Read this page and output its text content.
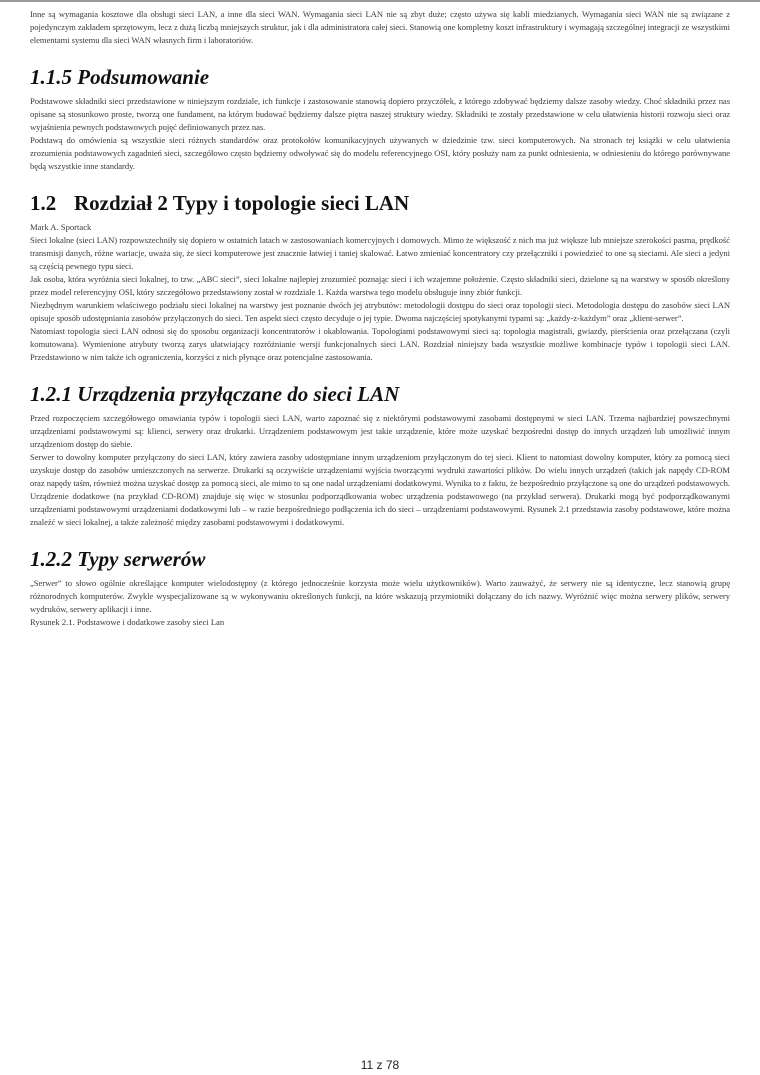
Inne są wymagania kosztowe dla obsługi sieci LAN, a inne dla sieci WAN. Wymagania sieci LAN nie są zbyt duże; często używa się kabli miedzianych. Wymagania sieci WAN nie są związane z pojedynczym zakładem sprzętowym, lecz z dużą liczbą mniejszych struktur, jak i dla administratora całej sieci. Stanowią one kompletny koszt infrastruktury i wymagają szczególnej integracji ze wszystkimi elementami systemu dla sieci WAN własnych firm i laboratoriów.

1.1.5 Podsumowanie

Podstawowe składniki sieci przedstawione w niniejszym rozdziale, ich funkcje i zastosowanie stanowią dopiero przyczółek, z którego zdobywać będziemy dalsze zasoby wiedzy. Choć składniki przez nas opisane są stosunkowo proste, tworzą one fundament, na którym budować będziemy dalsze piętra naszej struktury wiedzy. Składniki te zostały przedstawione w celu ułatwienia historii rozwoju sieci oraz wyjaśnienia pewnych podstawowych pojęć definiowanych przez nas.

Podstawą do omówienia są wszystkie sieci różnych standardów oraz protokołów komunikacyjnych używanych w dziedzinie tzw. sieci komputerowych. Na stronach tej książki w celu ułatwienia zrozumienia podstawowych zagadnień sieci, szczegółowo często będziemy odwoływać się do modelu referencyjnego OSI, który posłuży nam za punkt odniesienia, w odniesieniu do którego porównywane będą wszystkie inne standardy.

1.2 Rozdział 2 Typy i topologie sieci LAN

Mark A. Sportack

Sieci lokalne (sieci LAN) rozpowszechniły się dopiero w ostatnich latach w zastosowaniach komercyjnych i domowych. Mimo że większość z nich ma już większe lub mniejsze szerokości pasma, prędkość transmisji danych, różne wariacje, uważa się, że sieci komputerowe jest znacznie łatwiej i taniej skalować. Łatwo zmieniać koncentratory czy przełączniki i powiedzieć to one są sieciami. Ale sieci a jedyni są częścią pewnego typu sieci.

Jak osoba, która wyróżnia sieci lokalnej, to tzw. „ABC sieci”, sieci lokalne najlepiej zrozumieć poznając sieci i ich wzajemne położenie. Często składniki sieci, dzielone są na warstwy w sposób określony przez model referencyjny OSI, który szczegółowo przedstawiony został w rozdziale 1. Każda warstwa tego modelu obsługuje inny zbiór funkcji.

Niezbędnym warunkiem właściwego podziału sieci lokalnej na warstwy jest poznanie dwóch jej atrybutów: metodologii dostępu do sieci oraz topologii sieci. Metodologia dostępu do zasobów sieci LAN opisuje sposób udostępniania zasobów przyłączonych do sieci. Ten aspekt sieci często decyduje o jej typie. Dwoma najczęściej spotykanymi typami są: „każdy-z-każdym” oraz „klient-serwer”.

Natomiast topologia sieci LAN odnosi się do sposobu organizacji koncentratorów i okablowania. Topologiami podstawowymi sieci są: topologia magistrali, gwiazdy, pierścienia oraz przełączana (czyli komutowana). Wymienione atrybuty tworzą zarys ułatwiający rozróżnianie wersji funkcjonalnych sieci LAN. Rozdział niniejszy bada wszystkie możliwe kombinacje typów i topologii sieci LAN. Przedstawiono w nim także ich ograniczenia, korzyści z nich płynące oraz potencjalne zastosowania.

1.2.1 Urządzenia przyłączane do sieci LAN

Przed rozpoczęciem szczegółowego omawiania typów i topologii sieci LAN, warto zapoznać się z niektórymi podstawowymi zasobami dostępnymi w sieci LAN. Trzema najbardziej powszechnymi urządzeniami podstawowymi są: klienci, serwery oraz drukarki. Urządzeniem podstawowym jest takie urządzenie, które może uzyskać bezpośredni dostęp do innych urządzeń lub umożliwić innym urządzeniom dostęp do siebie.

Serwer to dowolny komputer przyłączony do sieci LAN, który zawiera zasoby udostępniane innym urządzeniom przyłączonym do tej sieci. Klient to natomiast dowolny komputer, który za pomocą sieci uzyskuje dostęp do zasobów umieszczonych na serwerze. Drukarki są oczywiście urządzeniami wyjścia tworzącymi wydruki zawartości plików. Do wielu innych urządzeń (takich jak napędy CD-ROM oraz napędy taśm, również można uzyskać dostęp za pomocą sieci, ale mimo to są one nadal urządzeniami dodatkowymi. Wynika to z faktu, że bezpośrednio przyłączone są one do urządzeń podstawowych. Urządzenie dodatkowe (na przykład CD-ROM) znajduje się więc w stosunku podporządkowania wobec urządzenia podstawowego (na przykład serwera). Drukarki mogą być podporządkowanymi urządzeniami podstawowymi urządzeniami dodatkowymi lub – w razie bezpośredniego podłączenia ich do sieci – urządzeniami podstawowymi. Rysunek 2.1 przedstawia zasoby podstawowe, które można znaleźć w sieci lokalnej, a także zależność między zasobami podstawowymi i dodatkowymi.

1.2.2 Typy serwerów

„Serwer” to słowo ogólnie określające komputer wielodostępny (z którego jednocześnie korzysta może wielu użytkowników). Warto zauważyć, że serwery nie są identyczne, lecz stanowią grupę różnorodnych komputerów. Zwykle wyspecjalizowane są w wykonywaniu określonych funkcji, na które wskazują przymiotniki dołączany do ich nazwy. Wyróżnić więc można serwery plików, serwery wydruków, serwery aplikacji i inne.

Rysunek 2.1. Podstawowe i dodatkowe zasoby sieci Lan

11 z 78
